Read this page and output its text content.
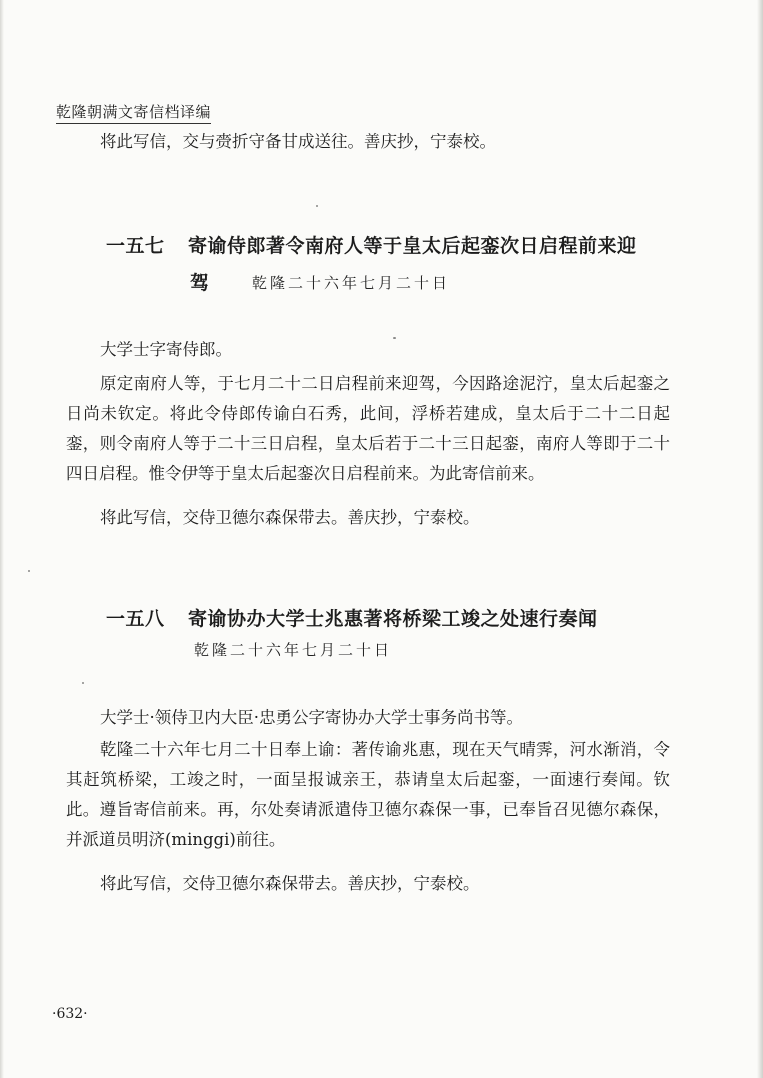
乾隆朝满文寄信档译编

将此写信，交与赍折守备甘成送往。善庆抄，宁泰校。

一五七 寄谕侍郎著令南府人等于皇太后起銮次日启程前来迎
驾	乾隆二十六年七月二十日

大学士字寄侍郎。

原定南府人等，于七月二十二日启程前来迎驾，今因路途泥泞，皇太后起銮之日尚未钦定。将此令侍郎传谕白石秀，此间，浮桥若建成，皇太后于二十二日起銮，则令南府人等于二十三日启程，皇太后若于二十三日起銮，南府人等即于二十四日启程。惟令伊等于皇太后起銮次日启程前来。为此寄信前来。

将此写信，交侍卫德尔森保带去。善庆抄，宁泰校。

一五八 寄谕协办大学士兆惠著将桥梁工竣之处速行奏闻
乾隆二十六年七月二十日

大学士·领侍卫内大臣·忠勇公字寄协办大学士事务尚书等。

乾隆二十六年七月二十日奉上谕：著传谕兆惠，现在天气晴霁，河水渐消，令其赶筑桥梁，工竣之时，一面呈报诚亲王，恭请皇太后起銮，一面速行奏闻。钦此。遵旨寄信前来。再，尔处奏请派遣侍卫德尔森保一事，已奉旨召见德尔森保，并派道员明济(minggi)前往。

将此写信，交侍卫德尔森保带去。善庆抄，宁泰校。

·632·
